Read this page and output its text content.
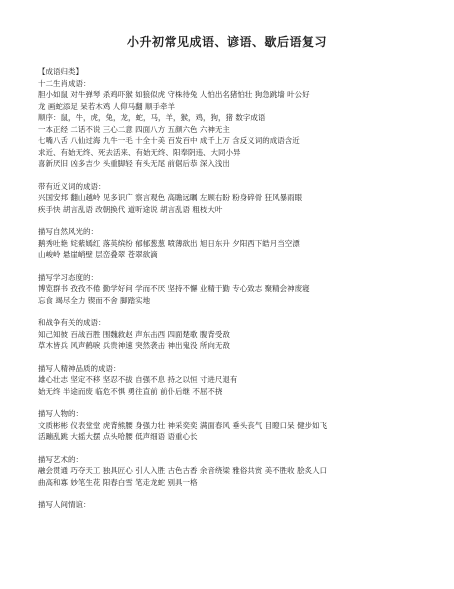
小升初常见成语、谚语、歇后语复习
【成语归类】
十二生肖成语：
胆小如鼠 对牛弹琴 杀鸡吓猴 如狼似虎 守株待兔 人怕出名猪怕壮 狗急跳墙 叶公好
龙 画蛇添足 呆若木鸡 人仰马翻 顺手牵羊
顺序：鼠，牛，虎，兔，龙，蛇，马，羊，猴，鸡，狗，猪 数字成语
一本正经 二话不说 三心二意 四面八方 五颜六色 六神无主
七嘴八舌 八仙过海 九牛一毛 十全十美 百发百中 成千上万 含反义词的成语含近
求近、有始无终、死去活来、有始无终、阳奉阴违、大同小异
喜新厌旧 凶多吉少 头重脚轻 有头无尾 前倨后恭 深入浅出
带有近义词的成语：
兴国安邦 翻山越岭 见多识广 察言观色 高瞻远瞩 左顾右盼 粉身碎骨 狂风暴雨眼
疾手快 胡言乱语 改朝换代 道听途说 胡言乱语 粗枝大叶
描写自然风光的：
鹅秀吐艳 姹紫嫣红 落英缤纷 郁郁葱葱 喷薄欲出 旭日东升 夕阳西下皓月当空漂
山峻岭 悬崖峭壁 层峦叠翠 苍翠欲滴
描写学习态度的：
博览群书 孜孜不倦 勤学好问 学而不厌 坚持不懈 业精于勤 专心致志 聚精会神废寝
忘食 竭尽全力 锲而不舍 脚踏实地
和战争有关的成语：
知己知彼 百战百胜 围魏救赵 声东击西 四面楚歌 腹背受敌
草木皆兵 风声鹤唳 兵贵神速 突然袭击 神出鬼没 所向无敌
描写人精神品质的成语：
雄心壮志 坚定不移 坚忍不拔 自强不息 持之以恒 寸进尺退有
始无终 半途而废 临危不惧 勇往直前 前仆后继 不屈不挠
描写人物的：
文质彬彬 仪表堂堂 虎背熊腰 身强力壮 神采奕奕 满面春风 垂头丧气 目瞪口呆 健步如飞
活蹦乱跳 大摇大摆 点头哈腰 低声细语 语重心长
描写艺术的：
融会贯通 巧夺天工 独具匠心 引人入胜 古色古香 余音绕梁 雅俗共赏 美不胜收 脍炙人口
曲高和寡 妙笔生花 阳春白雪 笔走龙蛇 别具一格
描写人间情谊：
